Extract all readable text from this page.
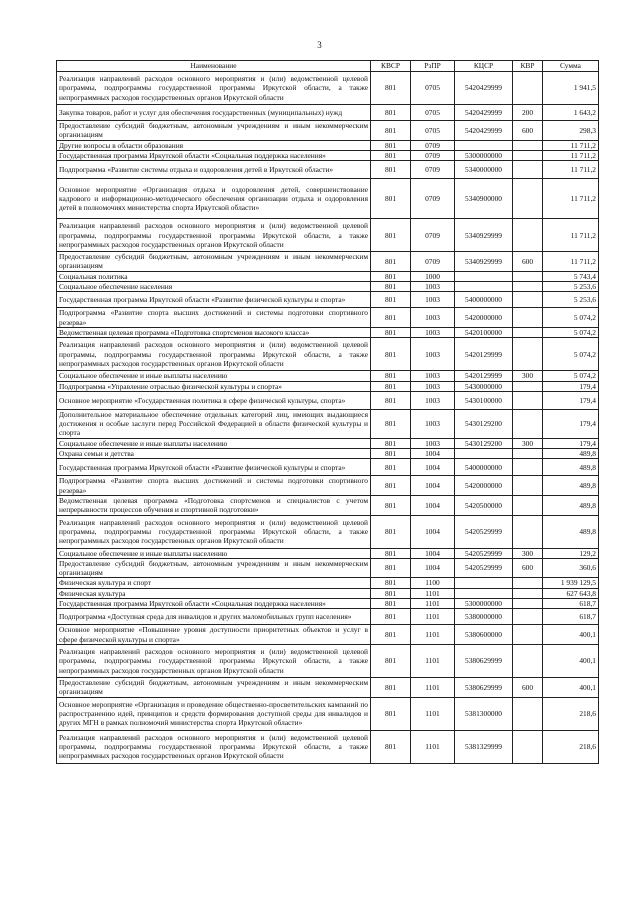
3
Наименование	КВСР	РзПР	КЦСР	КВР	Сумма
Реализация направлений расходов основного мероприятия и (или) ведомственной целевой программы, подпрограммы государственной программы Иркутской области, а также непрограммных расходов государственных органов Иркутской области	801	0705	5420429999		1 941,5
Закупка товаров, работ и услуг для обеспечения государственных (муниципальных) нужд	801	0705	5420429999	200	1 643,2
Предоставление субсидий бюджетным, автономным учреждениям и иным некоммерческим организациям	801	0705	5420429999	600	298,3
Другие вопросы в области образования	801	0709			11 711,2
Государственная программа Иркутской области «Социальная поддержка населения»	801	0709	5300000000		11 711,2
Подпрограмма «Развитие системы отдыха и оздоровления детей в Иркутской области»	801	0709	5340000000		11 711,2
Основное мероприятие «Организация отдыха и оздоровления детей, совершенствование кадрового и информационно-методического обеспечения организации отдыха и оздоровления детей в полномочиях министерства спорта Иркутской области»	801	0709	5340900000		11 711,2
Реализация направлений расходов основного мероприятия и (или) ведомственной целевой программы, подпрограммы государственной программы Иркутской области, а также непрограммных расходов государственных органов Иркутской области	801	0709	5340929999		11 711,2
Предоставление субсидий бюджетным, автономным учреждениям и иным некоммерческим организациям	801	0709	5340929999	600	11 711,2
Социальная политика	801	1000			5 743,4
Социальное обеспечение населения	801	1003			5 253,6
Государственная программа Иркутской области «Развитие физической культуры и спорта»	801	1003	5400000000		5 253,6
Подпрограмма «Развитие спорта высших достижений и системы подготовки спортивного резерва»	801	1003	5420000000		5 074,2
Ведомственная целевая программа «Подготовка спортсменов высокого класса»	801	1003	5420100000		5 074,2
Реализация направлений расходов основного мероприятия и (или) ведомственной целевой программы, подпрограммы государственной программы Иркутской области, а также непрограммных расходов государственных органов Иркутской области	801	1003	5420129999		5 074,2
Социальное обеспечение и иные выплаты населению	801	1003	5420129999	300	5 074,2
Подпрограмма «Управление отраслью физической культуры и спорта»	801	1003	5430000000		179,4
Основное мероприятие «Государственная политика в сфере физической культуры, спорта»	801	1003	5430100000		179,4
Дополнительное материальное обеспечение отдельных категорий лиц, имеющих выдающиеся достижения и особые заслуги перед Российской Федерацией в области физической культуры и спорта	801	1003	5430129200		179,4
Социальное обеспечение и иные выплаты населению	801	1003	5430129200	300	179,4
Охрана семьи и детства	801	1004			489,8
Государственная программа Иркутской области «Развитие физической культуры и спорта»	801	1004	5400000000		489,8
Подпрограмма «Развитие спорта высших достижений и системы подготовки спортивного резерва»	801	1004	5420000000		489,8
Ведомственная целевая программа «Подготовка спортсменов и специалистов с учетом непрерывности процессов обучения и спортивной подготовки»	801	1004	5420500000		489,8
Реализация направлений расходов основного мероприятия и (или) ведомственной целевой программы, подпрограммы государственной программы Иркутской области, а также непрограммных расходов государственных органов Иркутской области	801	1004	5420529999		489,8
Социальное обеспечение и иные выплаты населению	801	1004	5420529999	300	129,2
Предоставление субсидий бюджетным, автономным учреждениям и иным некоммерческим организациям	801	1004	5420529999	600	360,6
Физическая культура и спорт	801	1100			1 939 129,5
Физическая культура	801	1101			627 643,8
Государственная программа Иркутской области «Социальная поддержка населения»	801	1101	5300000000		618,7
Подпрограмма «Доступная среда для инвалидов и других маломобильных групп населения»	801	1101	5380000000		618,7
Основное мероприятие «Повышение уровня доступности приоритетных объектов и услуг в сфере физической культуры и спорта»	801	1101	5380600000		400,1
Реализация направлений расходов основного мероприятия и (или) ведомственной целевой программы, подпрограммы государственной программы Иркутской области, а также непрограммных расходов государственных органов Иркутской области	801	1101	5380629999		400,1
Предоставление субсидий бюджетным, автономным учреждениям и иным некоммерческим организациям	801	1101	5380629999	600	400,1
Основное мероприятие «Организация и проведение общественно-просветительских кампаний по распространению идей, принципов и средств формирования доступной среды для инвалидов и других МГН в рамках полномочий министерства спорта Иркутской области»	801	1101	5381300000		218,6
Реализация направлений расходов основного мероприятия и (или) ведомственной целевой программы, подпрограммы государственной программы Иркутской области, а также непрограммных расходов государственных органов Иркутской области	801	1101	5381329999		218,6
